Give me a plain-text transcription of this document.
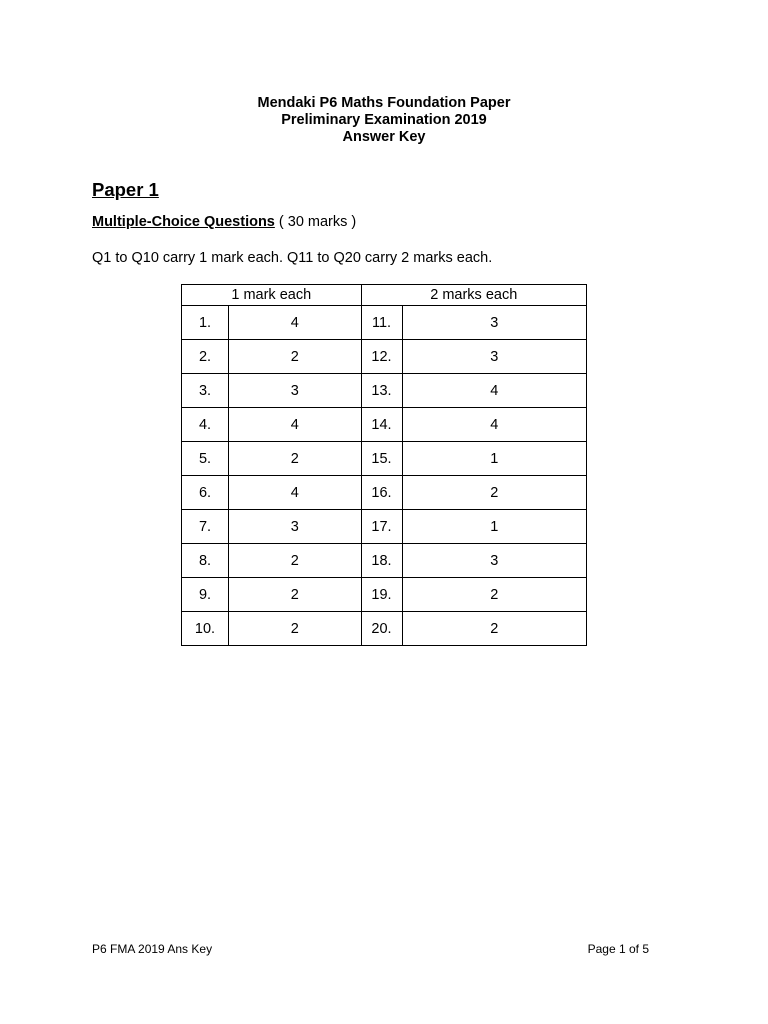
Mendaki P6 Maths Foundation Paper
Preliminary Examination 2019
Answer Key
Paper 1
Multiple-Choice Questions ( 30 marks )
Q1 to Q10 carry 1 mark each. Q11 to Q20 carry 2 marks each.
1 mark each		2 marks each	
1.	4	11.	3
2.	2	12.	3
3.	3	13.	4
4.	4	14.	4
5.	2	15.	1
6.	4	16.	2
7.	3	17.	1
8.	2	18.	3
9.	2	19.	2
10.	2	20.	2
P6 FMA 2019 Ans Key	Page 1 of 5
